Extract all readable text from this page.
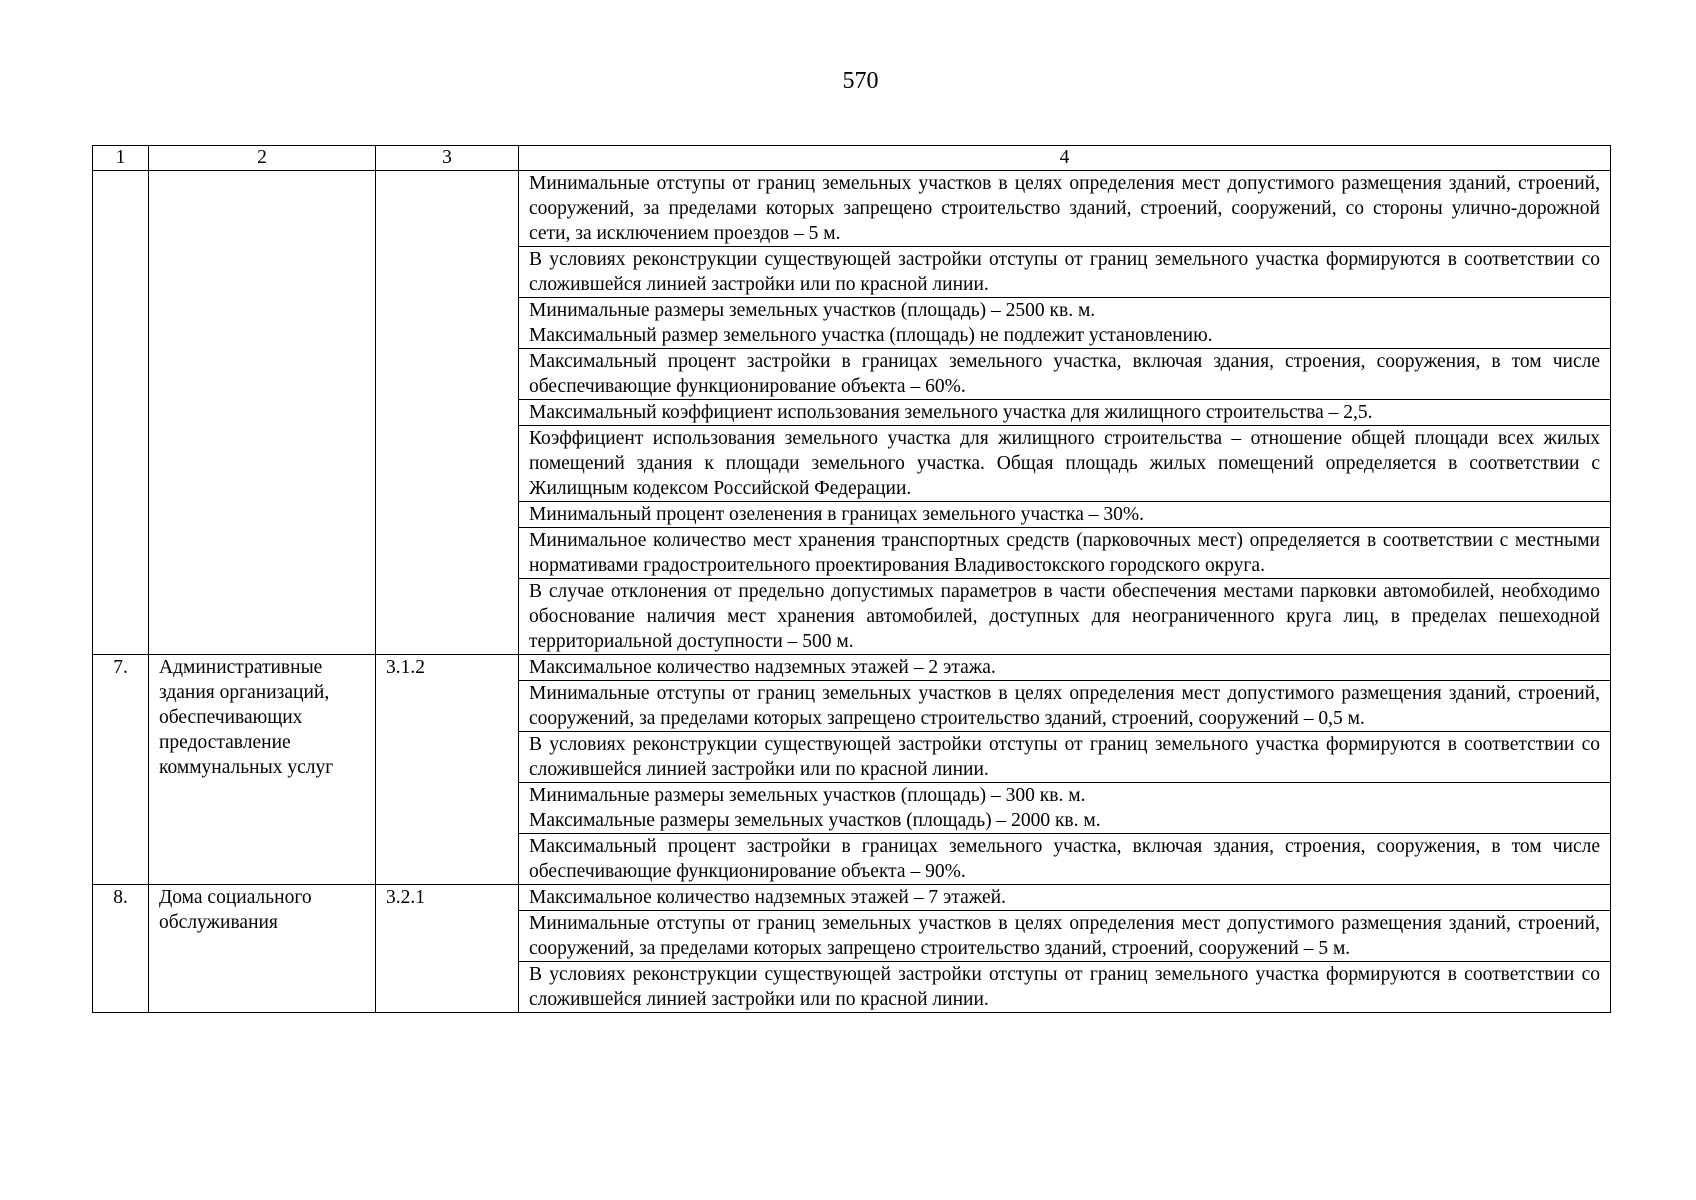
570
1	2	3	4
			Минимальные отступы от границ земельных участков в целях определения мест допустимого размещения зданий, строений, сооружений, за пределами которых запрещено строительство зданий, строений, сооружений, со стороны улично-дорожной сети, за исключением проездов – 5 м.
			В условиях реконструкции существующей застройки отступы от границ земельного участка формируются в соответствии со сложившейся линией застройки или по красной линии.

			Минимальные размеры земельных участков (площадь) – 2500 кв. м.
Максимальный размер земельного участка (площадь) не подлежит установлению.

			Максимальный процент застройки в границах земельного участка, включая здания, строения, сооружения, в том числе обеспечивающие функционирование объекта – 60%.
			Максимальный коэффициент использования земельного участка для жилищного строительства – 2,5.
			Коэффициент использования земельного участка для жилищного строительства – отношение общей площади всех жилых помещений здания к площади земельного участка. Общая площадь жилых помещений определяется в соответствии с Жилищным кодексом Российской Федерации.
			Минимальный процент озеленения в границах земельного участка – 30%.
			Минимальное количество мест хранения транспортных средств (парковочных мест) определяется в соответствии с местными нормативами градостроительного проектирования Владивостокского городского округа.
			В случае отклонения от предельно допустимых параметров в части обеспечения местами парковки автомобилей, необходимо обоснование наличия мест хранения автомобилей, доступных для неограниченного круга лиц, в пределах пешеходной территориальной доступности – 500 м.
7.	Административные здания организаций, обеспечивающих предоставление коммунальных услуг	3.1.2	Максимальное количество надземных этажей – 2 этажа.
			Минимальные отступы от границ земельных участков в целях определения мест допустимого размещения зданий, строений, сооружений, за пределами которых запрещено строительство зданий, строений, сооружений – 0,5 м.
			В условиях реконструкции существующей застройки отступы от границ земельного участка формируются в соответствии со сложившейся линией застройки или по красной линии.

			Минимальные размеры земельных участков (площадь) – 300 кв. м.
Максимальные размеры земельных участков (площадь) – 2000 кв. м.

			Максимальный процент застройки в границах земельного участка, включая здания, строения, сооружения, в том числе обеспечивающие функционирование объекта – 90%.
8.	Дома социального обслуживания	3.2.1	Максимальное количество надземных этажей – 7 этажей.
			Минимальные отступы от границ земельных участков в целях определения мест допустимого размещения зданий, строений, сооружений, за пределами которых запрещено строительство зданий, строений, сооружений – 5 м.
			В условиях реконструкции существующей застройки отступы от границ земельного участка формируются в соответствии со сложившейся линией застройки или по красной линии.
